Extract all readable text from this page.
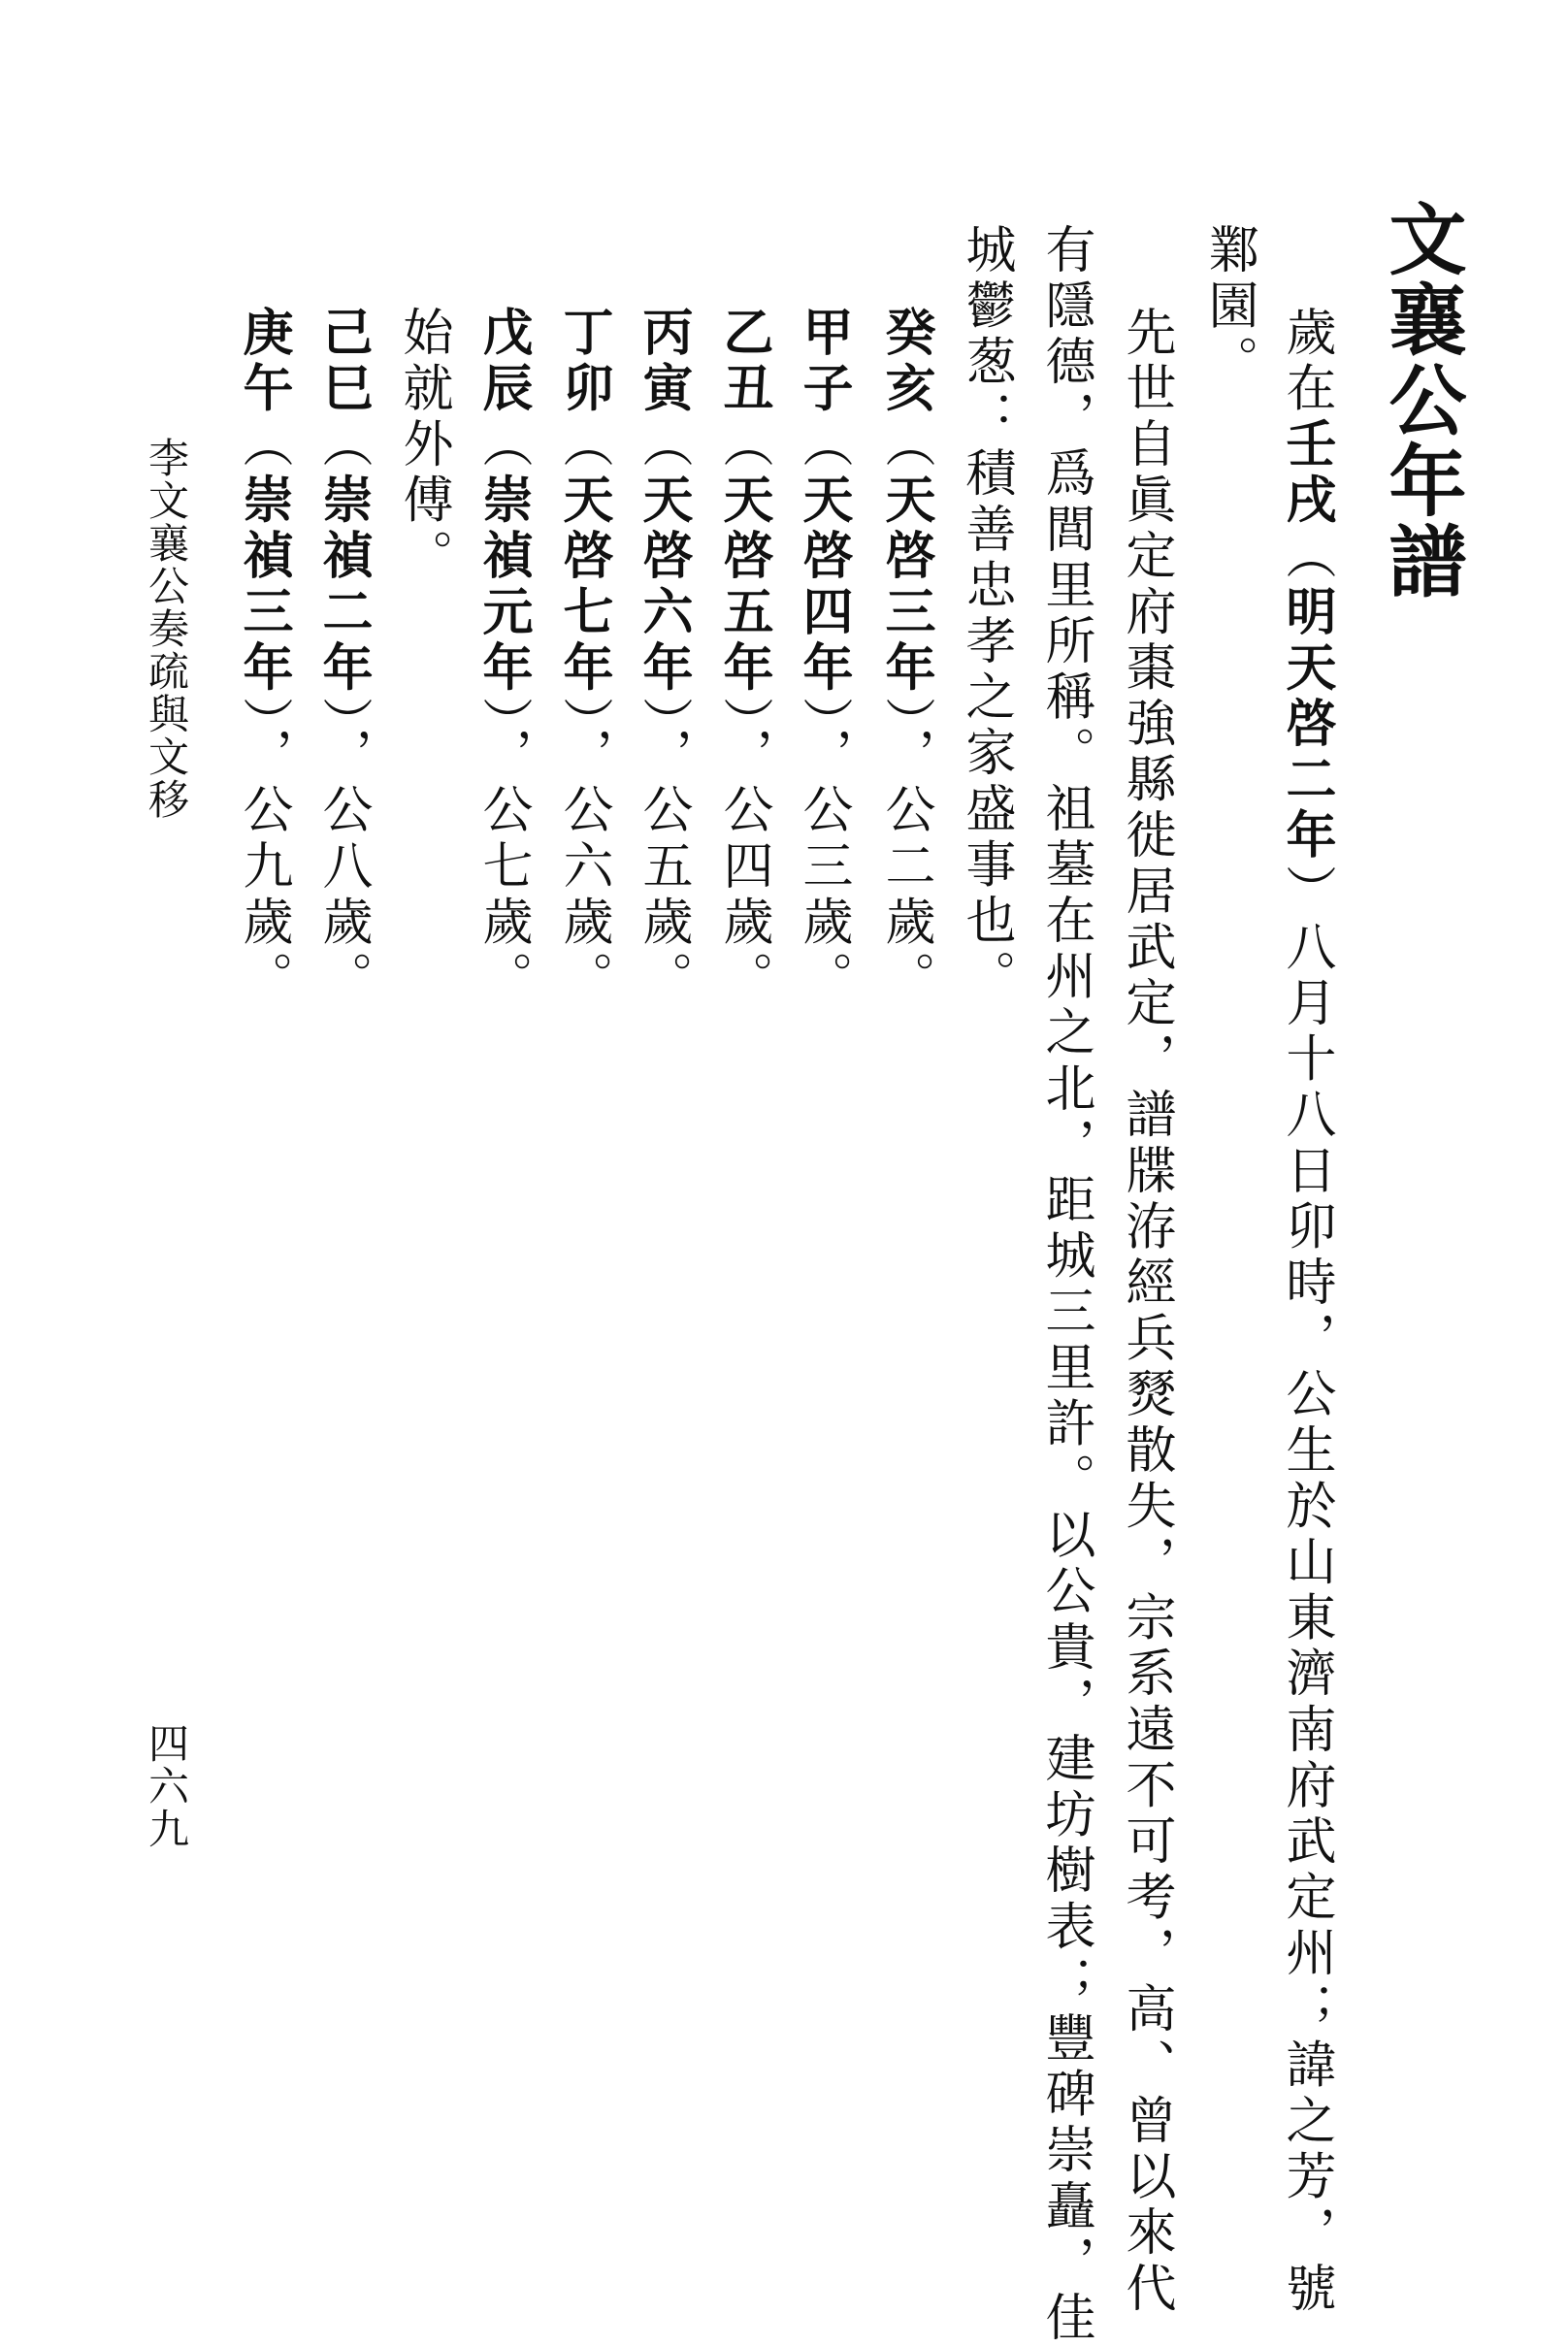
文襄公年譜
歲在壬戌（明天啓二年）八月十八日卯時，公生於山東濟南府武定州；諱之芳，號
鄴園。
先世自眞定府棗強縣徙居武定，譜牒洊經兵燹散失，宗系遠不可考，高、曾以來代
有隱德，爲閭里所稱。祖墓在州之北，距城三里許。以公貴，建坊樹表；豐碑崇矗，佳
城鬱葱：積善忠孝之家盛事也。
癸亥（天啓三年），公二歲。
甲子（天啓四年），公三歲。
乙丑（天啓五年），公四歲。
丙寅（天啓六年），公五歲。
丁卯（天啓七年），公六歲。
戊辰（崇禎元年），公七歲。
始就外傅。
己巳（崇禎二年），公八歲。
庚午（崇禎三年），公九歲。
李文襄公奏疏與文移
四六九
